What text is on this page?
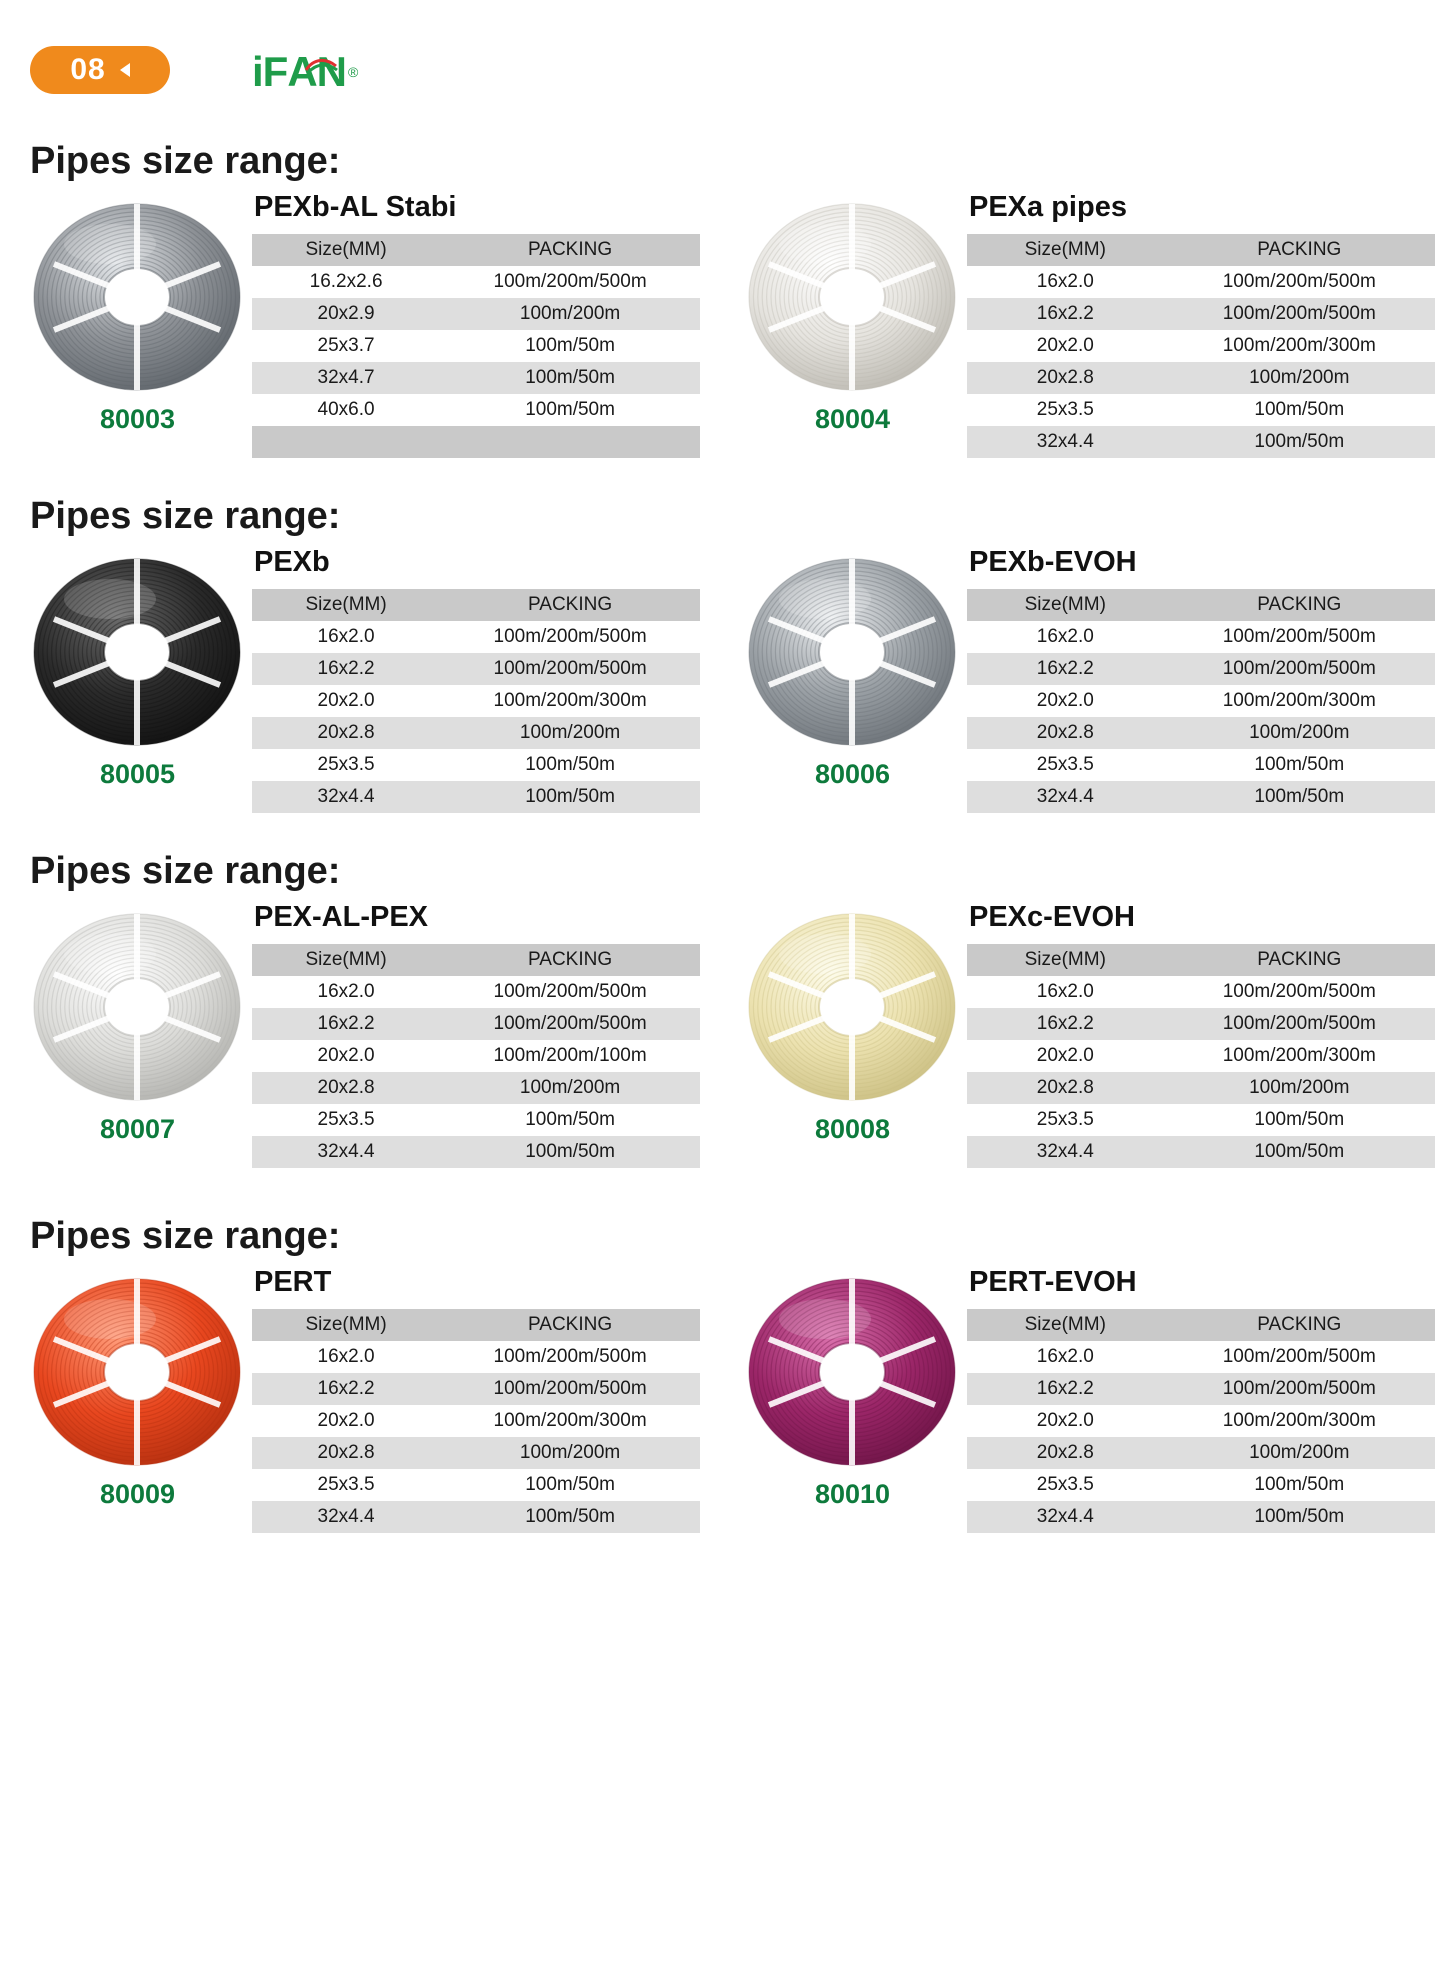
08	i F AN ®
Pipes size range:
80003
PEXb-AL Stabi
Size(MM)	PACKING
16.2x2.6	100m/200m/500m
20x2.9	100m/200m
25x3.7	100m/50m
32x4.7	100m/50m
40x6.0	100m/50m
		80004
PEXa pipes
Size(MM)	PACKING
16x2.0	100m/200m/500m
16x2.2	100m/200m/500m
20x2.0	100m/200m/300m
20x2.8	100m/200m
25x3.5	100m/50m
32x4.4	100m/50m
Pipes size range:
80005
PEXb
Size(MM)	PACKING
16x2.0	100m/200m/500m
16x2.2	100m/200m/500m
20x2.0	100m/200m/300m
20x2.8	100m/200m
25x3.5	100m/50m
32x4.4	100m/50m
80006
PEXb-EVOH
Size(MM)	PACKING
16x2.0	100m/200m/500m
16x2.2	100m/200m/500m
20x2.0	100m/200m/300m
20x2.8	100m/200m
25x3.5	100m/50m
32x4.4	100m/50m
Pipes size range:
80007
PEX-AL-PEX
Size(MM)	PACKING
16x2.0	100m/200m/500m
16x2.2	100m/200m/500m
20x2.0	100m/200m/100m
20x2.8	100m/200m
25x3.5	100m/50m
32x4.4	100m/50m
80008
PEXc-EVOH
Size(MM)	PACKING
16x2.0	100m/200m/500m
16x2.2	100m/200m/500m
20x2.0	100m/200m/300m
20x2.8	100m/200m
25x3.5	100m/50m
32x4.4	100m/50m
Pipes size range:
80009
PERT
Size(MM)	PACKING
16x2.0	100m/200m/500m
16x2.2	100m/200m/500m
20x2.0	100m/200m/300m
20x2.8	100m/200m
25x3.5	100m/50m
32x4.4	100m/50m
80010
PERT-EVOH
Size(MM)	PACKING
16x2.0	100m/200m/500m
16x2.2	100m/200m/500m
20x2.0	100m/200m/300m
20x2.8	100m/200m
25x3.5	100m/50m
32x4.4	100m/50m
